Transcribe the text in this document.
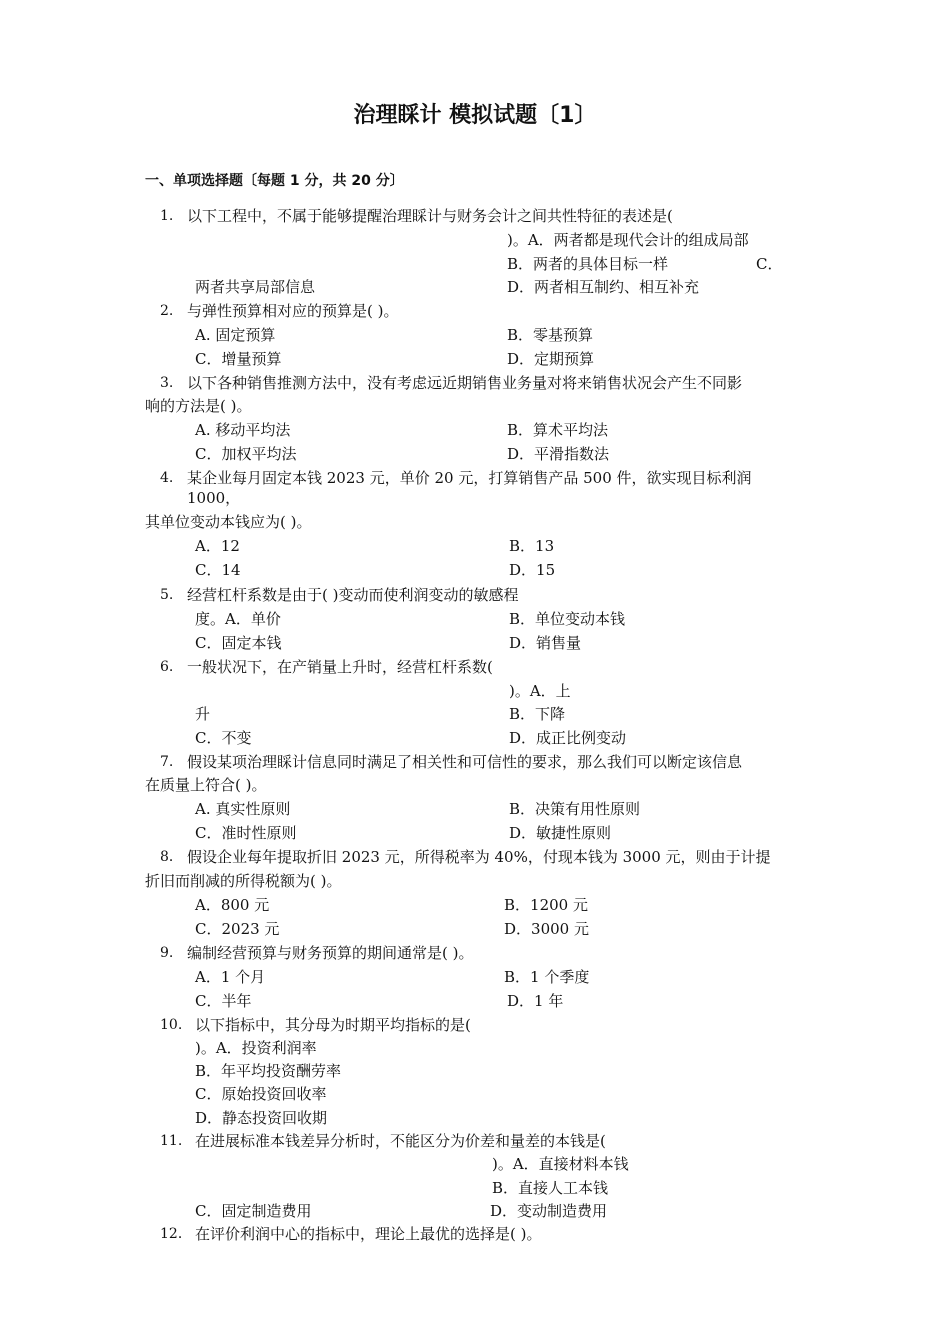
治理睬计 模拟试题〔1〕
一、单项选择题〔每题 1 分，共 20 分〕
1. 以下工程中，不属于能够提醒治理睬计与财务会计之间共性特征的表述是(
)。A．两者都是现代会计的组成局部
B．两者的具体目标一样	C．
两者共享局部信息	D．两者相互制约、相互补充
2. 与弹性预算相对应的预算是( )。
A. 固定预算	B．零基预算
C．增量预算	D．定期预算
3. 以下各种销售推测方法中，没有考虑远近期销售业务量对将来销售状况会产生不同影
响的方法是( )。
A. 移动平均法	B．算术平均法
C．加权平均法	D．平滑指数法
4. 某企业每月固定本钱 2023 元，单价 20 元，打算销售产品 500 件，欲实现目标利润
1000，
其单位变动本钱应为( )。
A．12	B．13
C．14	D．15
5. 经营杠杆系数是由于( )变动而使利润变动的敏感程
度。A．单价	B．单位变动本钱
C．固定本钱	D．销售量
6. 一般状况下，在产销量上升时，经营杠杆系数(
)。A．上
升	B．下降
C．不变	D．成正比例变动
7. 假设某项治理睬计信息同时满足了相关性和可信性的要求，那么我们可以断定该信息
在质量上符合( )。
A. 真实性原则	B．决策有用性原则
C．准时性原则	D．敏捷性原则
8． 假设企业每年提取折旧 2023 元，所得税率为 40%，付现本钱为 3000 元，则由于计提
折旧而削减的所得税额为( )。
A．800 元	B．1200 元
C．2023 元	D．3000 元
9. 编制经营预算与财务预算的期间通常是( )。
A．1 个月	B．1 个季度
C．半年	D．1 年
10. 以下指标中，其分母为时期平均指标的是(
)。A．投资利润率
B．年平均投资酬劳率
C．原始投资回收率
D．静态投资回收期
11. 在进展标准本钱差异分析时，不能区分为价差和量差的本钱是(
)。A．直接材料本钱
B．直接人工本钱
C．固定制造费用	D．变动制造费用
12． 在评价利润中心的指标中，理论上最优的选择是( )。
